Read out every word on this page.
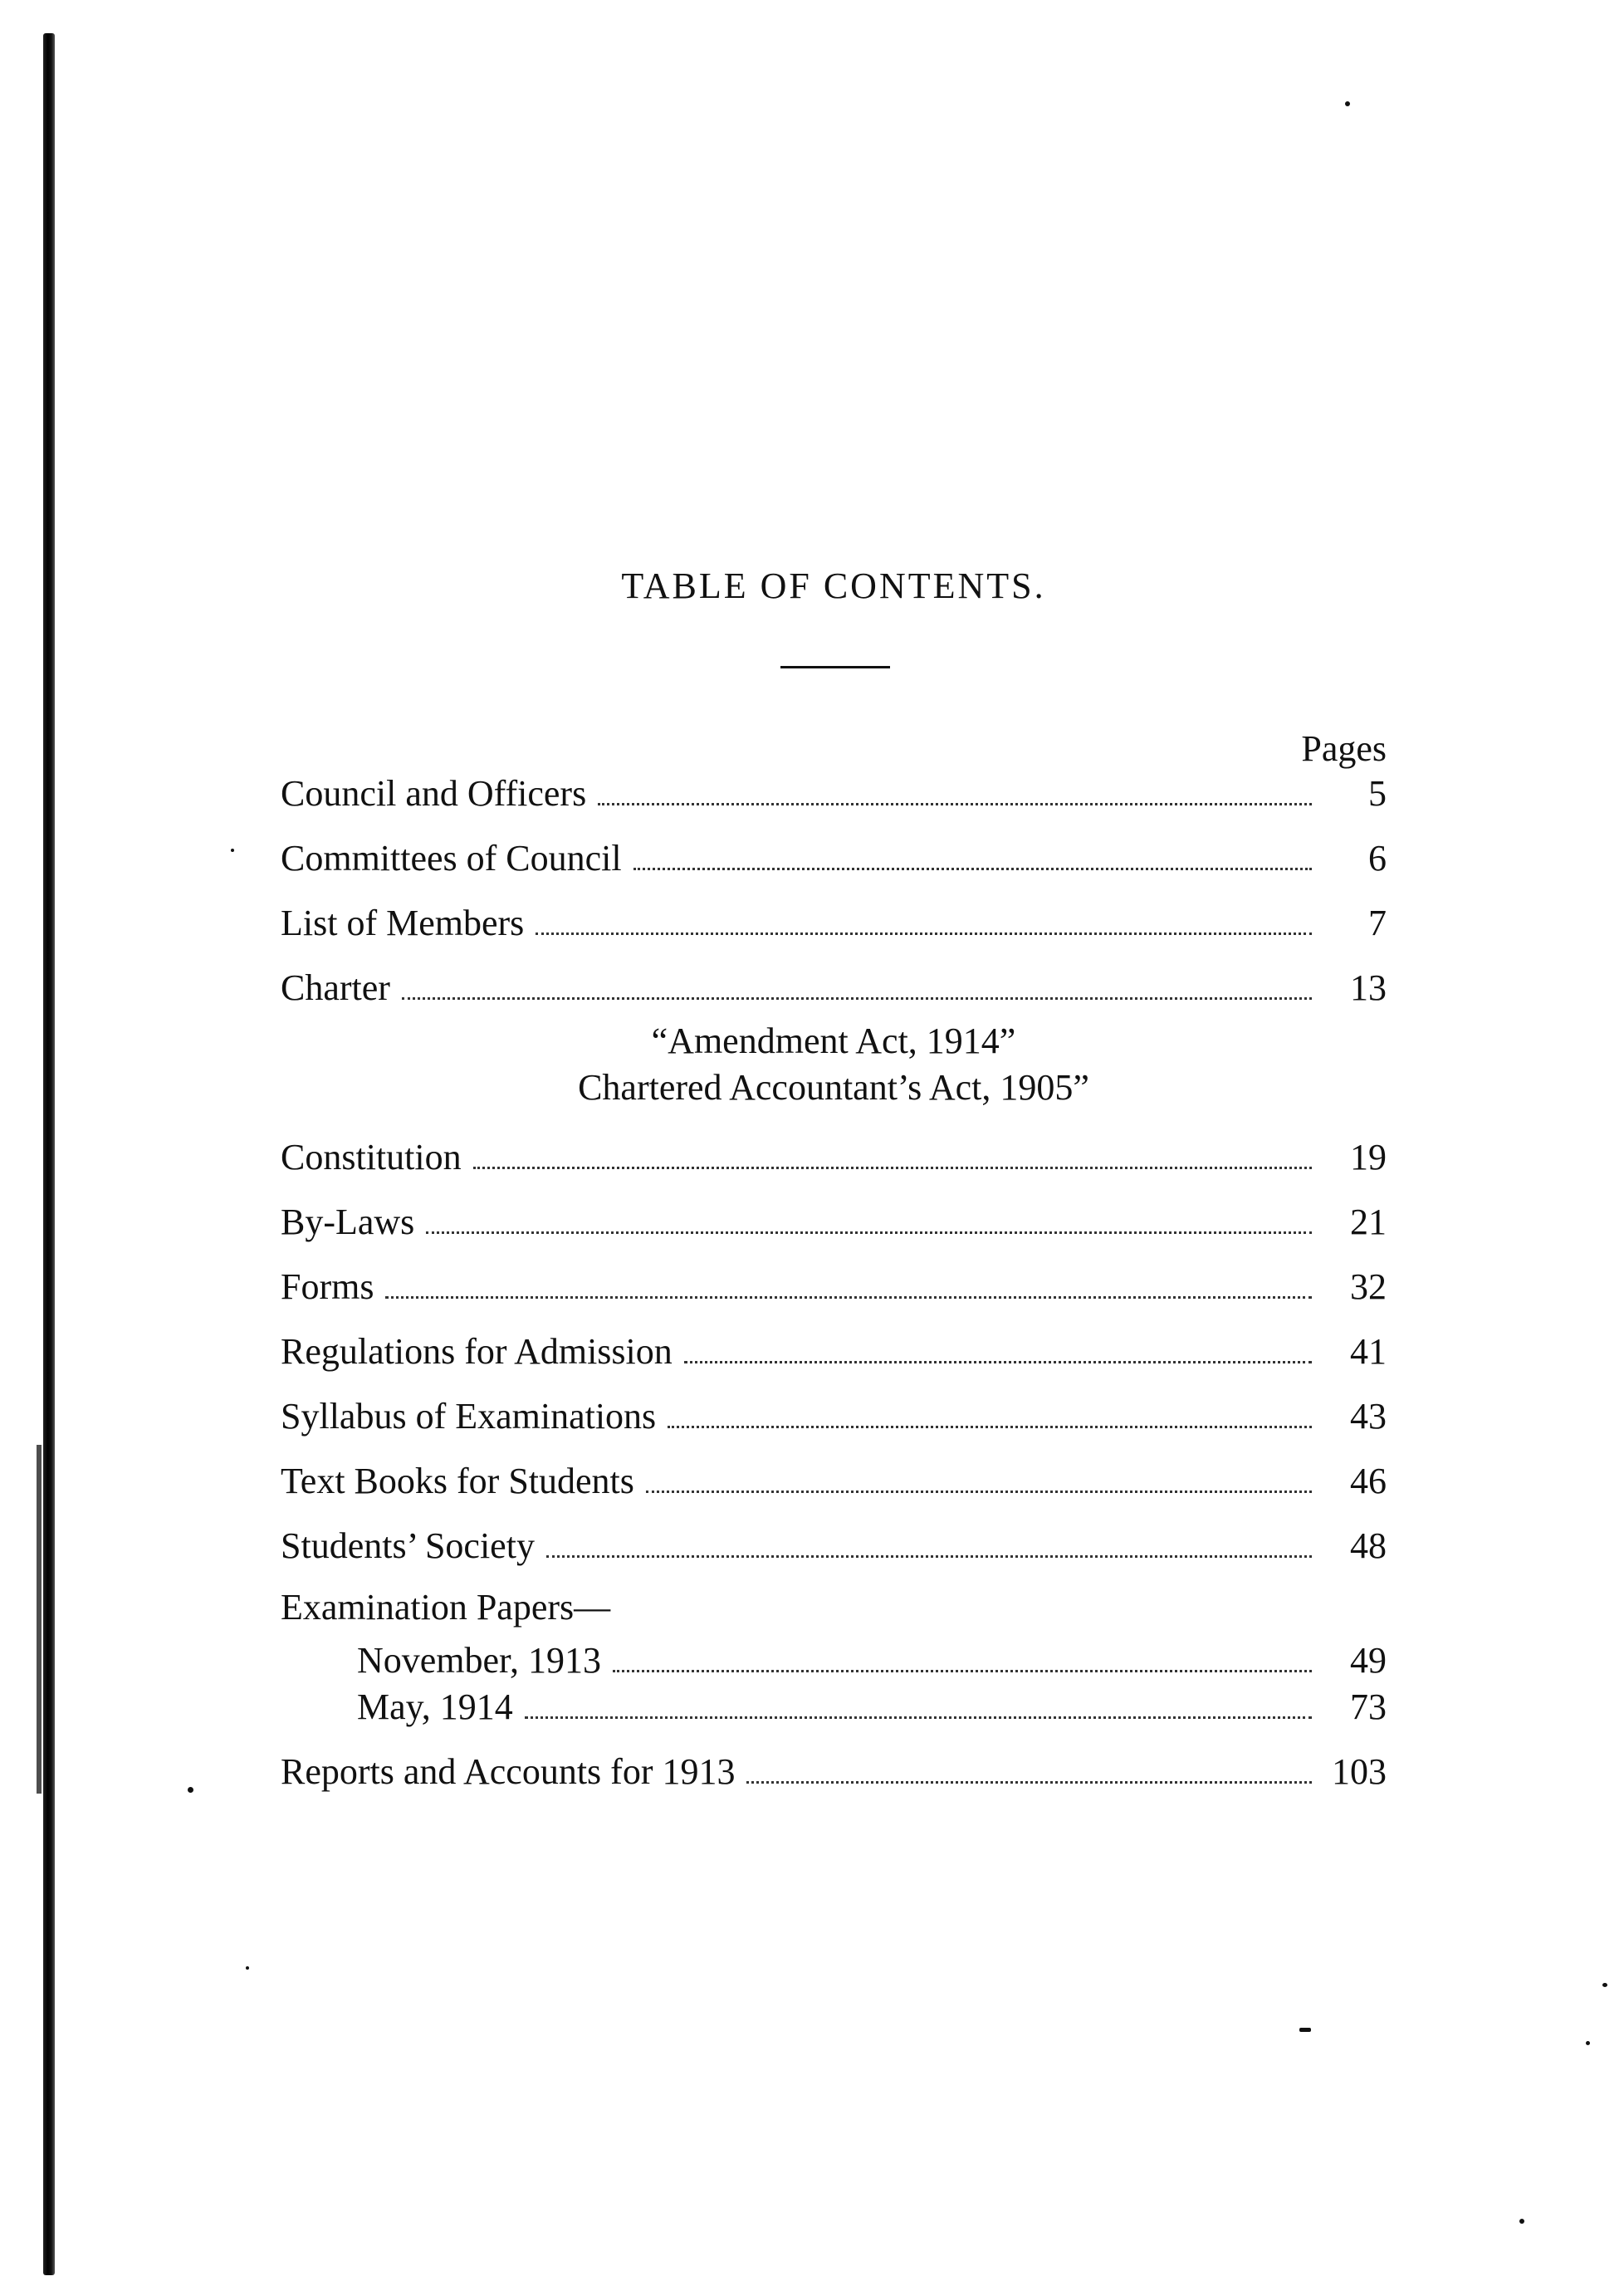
TABLE OF CONTENTS.
Pages
Council and Officers	5
Committees of Council	6
List of Members	7
Charter	13
“Amendment Act, 1914”
Chartered Accountant’s Act, 1905”
Constitution	19
By-Laws	21
Forms	32
Regulations for Admission	41
Syllabus of Examinations	43
Text Books for Students	46
Students’ Society	48
Examination Papers—
November, 1913	49
May, 1914	73
Reports and Accounts for 1913	103
